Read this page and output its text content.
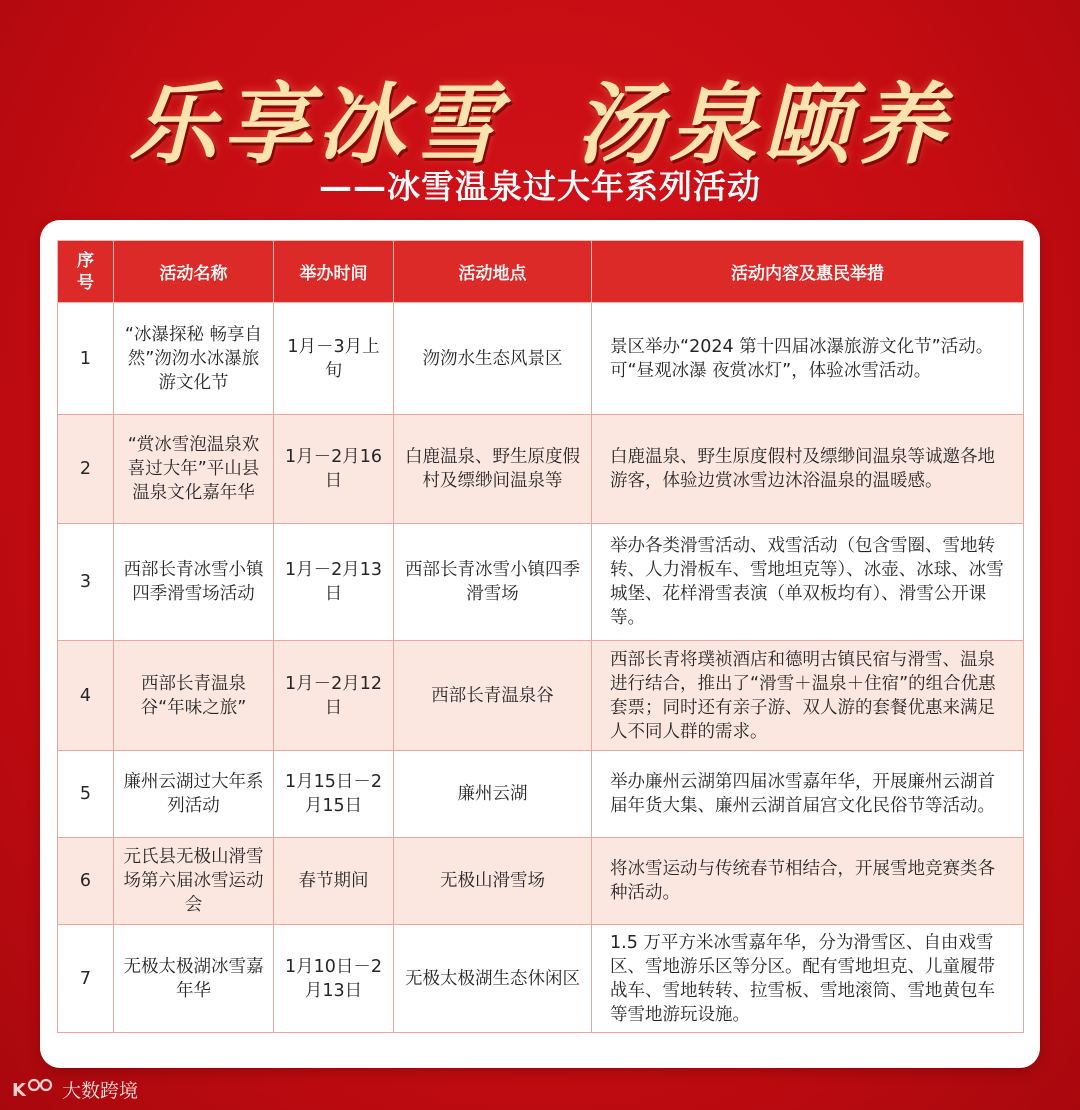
乐享冰雪 汤泉颐养
——冰雪温泉过大年系列活动
序号	活动名称	举办时间	活动地点	活动内容及惠民举措
1	“冰瀑探秘 畅享自然”沕沕水冰瀑旅游文化节	1月－3月上旬	沕沕水生态风景区	景区举办“2024 第十四届冰瀑旅游文化节”活动。可“昼观冰瀑 夜赏冰灯”，体验冰雪活动。
2	“赏冰雪泡温泉欢喜过大年”平山县温泉文化嘉年华	1月－2月16日	白鹿温泉、野生原度假村及缥缈间温泉等	白鹿温泉、野生原度假村及缥缈间温泉等诚邀各地游客，体验边赏冰雪边沐浴温泉的温暖感。
3	西部长青冰雪小镇四季滑雪场活动	1月－2月13日	西部长青冰雪小镇四季滑雪场	举办各类滑雪活动、戏雪活动（包含雪圈、雪地转转、人力滑板车、雪地坦克等）、冰壶、冰球、冰雪城堡、花样滑雪表演（单双板均有）、滑雪公开课等。
4	西部长青温泉谷“年味之旅”	1月－2月12日	西部长青温泉谷	西部长青将璞祯酒店和德明古镇民宿与滑雪、温泉进行结合，推出了“滑雪＋温泉＋住宿”的组合优惠套票；同时还有亲子游、双人游的套餐优惠来满足人不同人群的需求。
5	廉州云湖过大年系列活动	1月15日－2月15日	廉州云湖	举办廉州云湖第四届冰雪嘉年华，开展廉州云湖首届年货大集、廉州云湖首届宫文化民俗节等活动。
6	元氏县无极山滑雪场第六届冰雪运动会	春节期间	无极山滑雪场	将冰雪运动与传统春节相结合，开展雪地竞赛类各种活动。
7	无极太极湖冰雪嘉年华	1月10日－2月13日	无极太极湖生态休闲区	1.5 万平方米冰雪嘉年华，分为滑雪区、自由戏雪区、雪地游乐区等分区。配有雪地坦克、儿童履带战车、雪地转转、拉雪板、雪地滚筒、雪地黄包车等雪地游玩设施。
K 大数跨境
